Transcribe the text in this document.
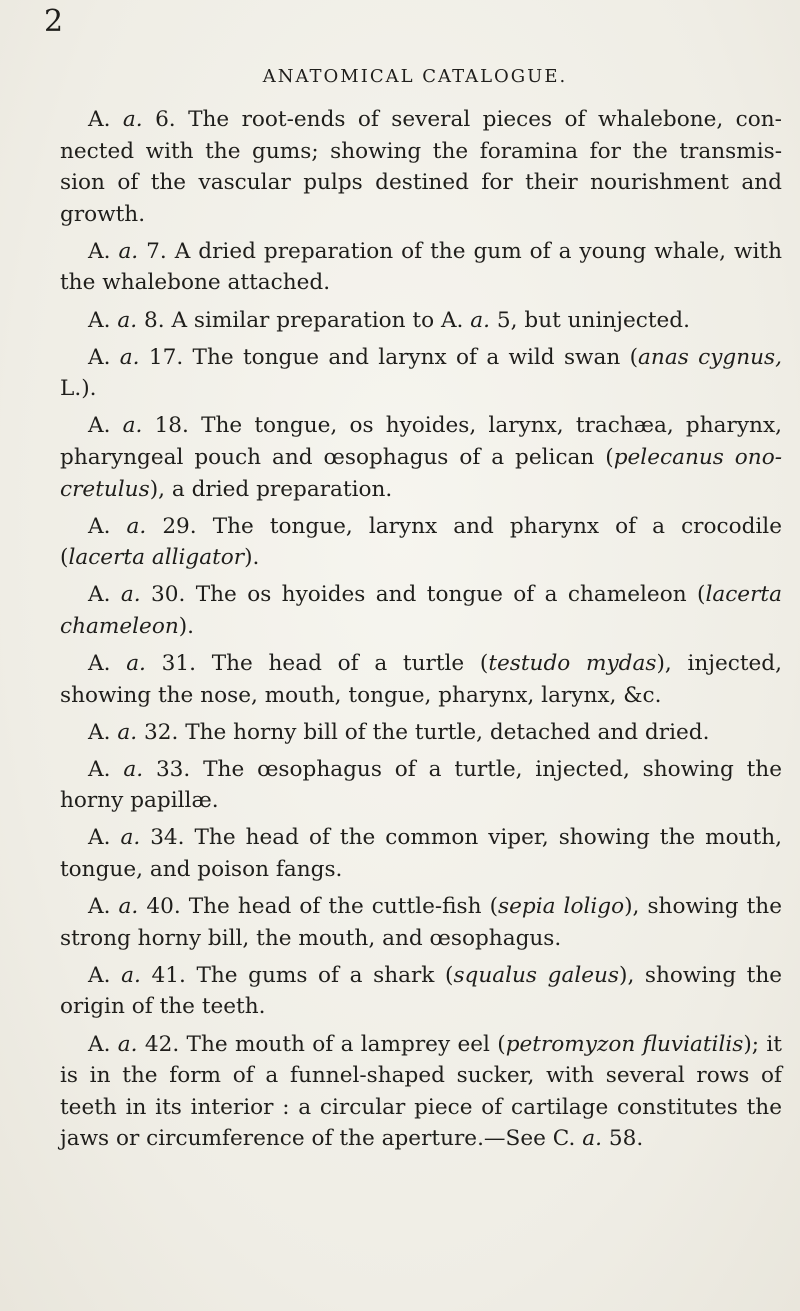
2
ANATOMICAL CATALOGUE.

A. a. 6. The root-ends of several pieces of whalebone, con-nected with the gums; showing the foramina for the transmis-sion of the vascular pulps destined for their nourishment and growth.

A. a. 7. A dried preparation of the gum of a young whale, with the whalebone attached.

A. a. 8. A similar preparation to A. a. 5, but uninjected.

A. a. 17. The tongue and larynx of a wild swan (anas cygnus, L.).

A. a. 18. The tongue, os hyoides, larynx, trachæa, pharynx, pharyngeal pouch and œsophagus of a pelican (pelecanus ono-cretulus), a dried preparation.

A. a. 29. The tongue, larynx and pharynx of a crocodile (lacerta alligator).

A. a. 30. The os hyoides and tongue of a chameleon (lacerta chameleon).

A. a. 31. The head of a turtle (testudo mydas), injected, showing the nose, mouth, tongue, pharynx, larynx, &c.

A. a. 32. The horny bill of the turtle, detached and dried.

A. a. 33. The œsophagus of a turtle, injected, showing the horny papillæ.

A. a. 34. The head of the common viper, showing the mouth, tongue, and poison fangs.

A. a. 40. The head of the cuttle-fish (sepia loligo), showing the strong horny bill, the mouth, and œsophagus.

A. a. 41. The gums of a shark (squalus galeus), showing the origin of the teeth.

A. a. 42. The mouth of a lamprey eel (petromyzon fluviatilis); it is in the form of a funnel-shaped sucker, with several rows of teeth in its interior : a circular piece of cartilage constitutes the jaws or circumference of the aperture.—See C. a. 58.
